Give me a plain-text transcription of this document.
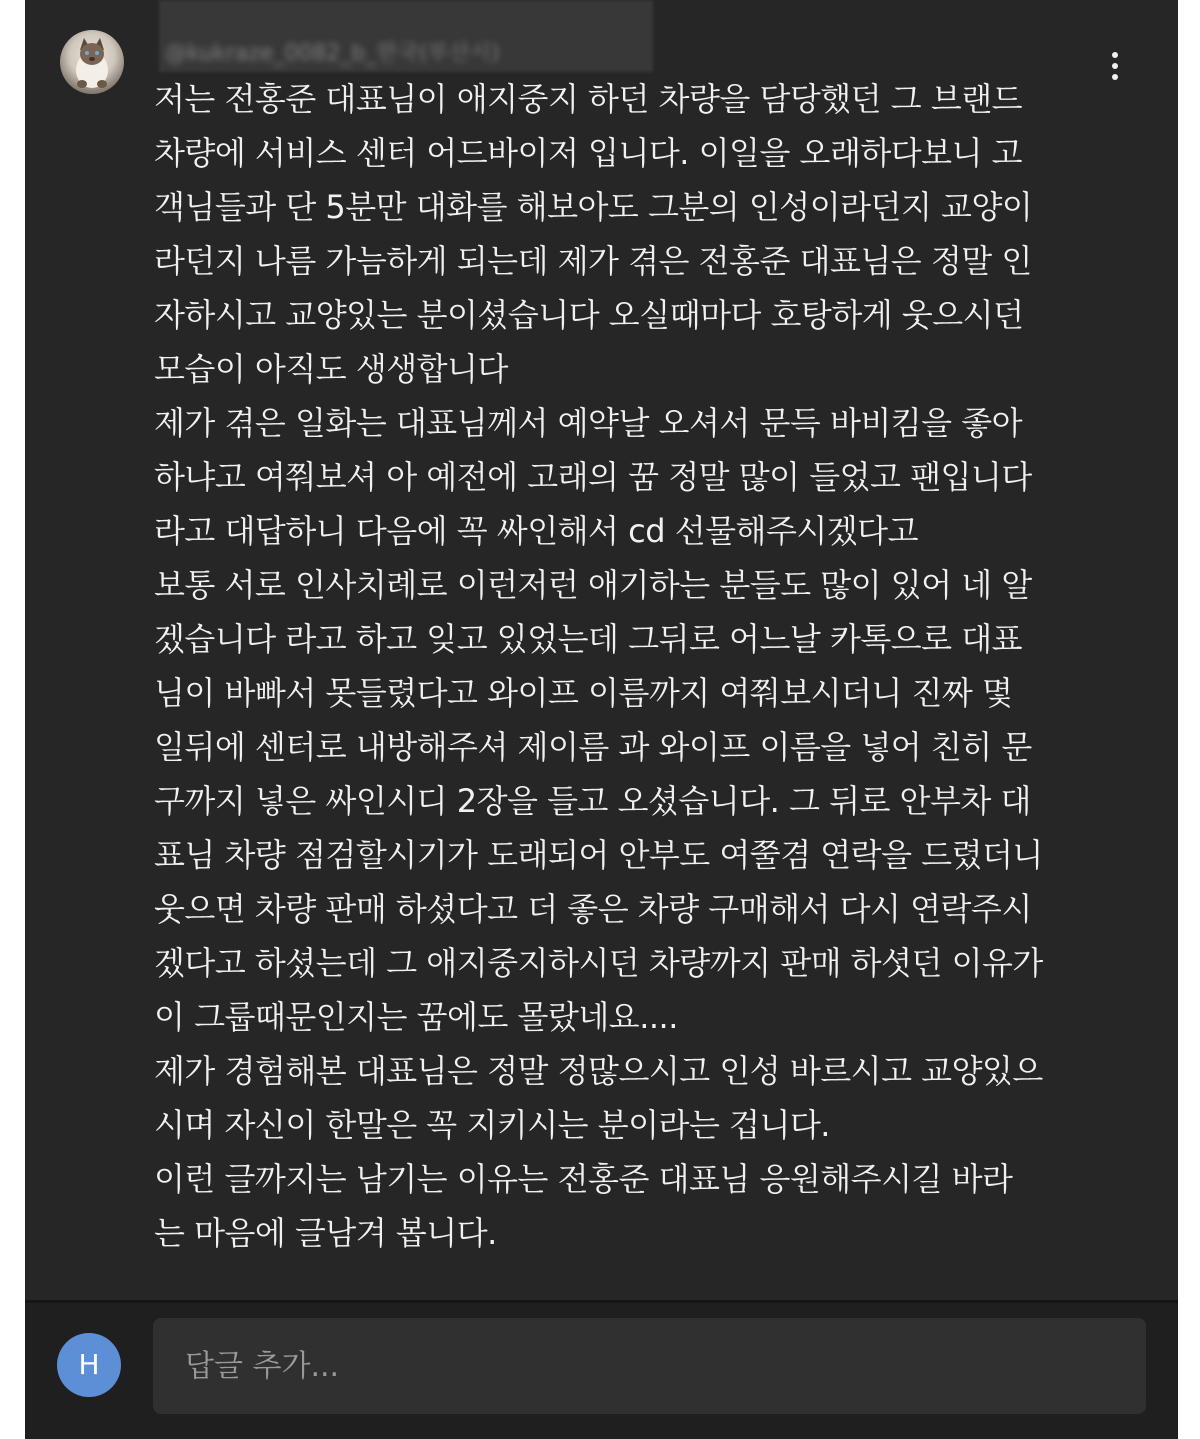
@kukraze_0082_b_한국(부산시)
저는 전홍준 대표님이 애지중지 하던 차량을 담당했던 그 브랜드
차량에 서비스 센터 어드바이저 입니다. 이일을 오래하다보니 고
객님들과 단 5분만 대화를 해보아도 그분의 인성이라던지 교양이
라던지 나름 가늠하게 되는데 제가 겪은 전홍준 대표님은 정말 인
자하시고 교양있는 분이셨습니다 오실때마다 호탕하게 웃으시던
모습이 아직도 생생합니다
제가 겪은 일화는 대표님께서 예약날 오셔서 문득 바비킴을 좋아
하냐고 여쭤보셔 아 예전에 고래의 꿈 정말 많이 들었고 팬입니다
라고 대답하니 다음에 꼭 싸인해서 cd 선물해주시겠다고
보통 서로 인사치례로 이런저런 애기하는 분들도 많이 있어 네 알
겠습니다 라고 하고 잊고 있었는데 그뒤로 어느날 카톡으로 대표
님이 바빠서 못들렸다고 와이프 이름까지 여쭤보시더니 진짜 몇
일뒤에 센터로 내방해주셔 제이름 과 와이프 이름을 넣어 친히 문
구까지 넣은 싸인시디 2장을 들고 오셨습니다. 그 뒤로 안부차 대
표님 차량 점검할시기가 도래되어 안부도 여쭐겸 연락을 드렸더니
웃으면 차량 판매 하셨다고 더 좋은 차량 구매해서 다시 연락주시
겠다고 하셨는데 그 애지중지하시던 차량까지 판매 하셧던 이유가
이 그룹때문인지는 꿈에도 몰랐네요....
제가 경험해본 대표님은 정말 정많으시고 인성 바르시고 교양있으
시며 자신이 한말은 꼭 지키시는 분이라는 겁니다.
이런 글까지는 남기는 이유는 전홍준 대표님 응원해주시길 바라
는 마음에 글남겨 봅니다.
H
답글 추가...
